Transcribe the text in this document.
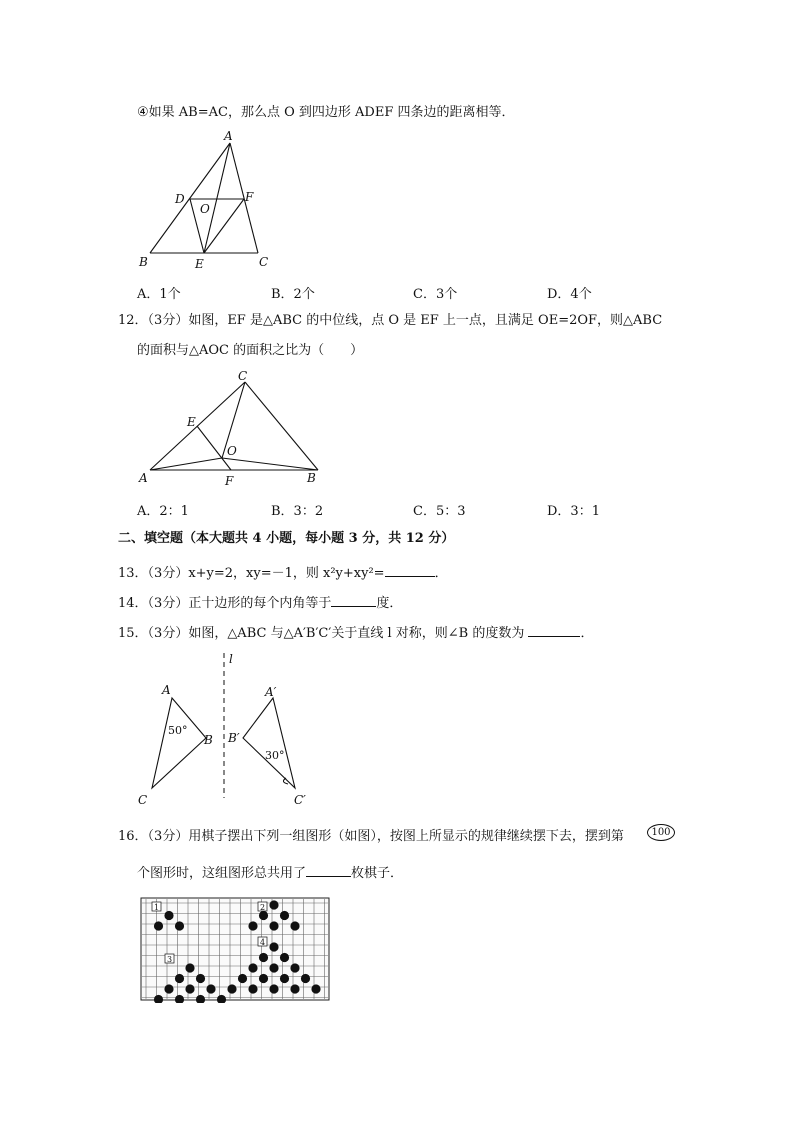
④如果 AB=AC，那么点 O 到四边形 ADEF 四条边的距离相等．
A
B	C
D
E
F
O
A．1个	B．2个	C．3个	D．4个
12．（3分）如图，EF 是△ABC 的中位线，点 O 是 EF 上一点，且满足 OE=2OF，则△ABC
的面积与△AOC 的面积之比为（　　）
C
E
O
A	F	B
A．2：1	B．3：2	C．5：3	D．3：1
二、填空题（本大题共 4 小题，每小题 3 分，共 12 分）
13．（3分）x+y=2，xy=－1，则 x²y+xy²=	．
14．（3分）正十边形的每个内角等于	度．
15．（3分）如图，△ABC 与△A′B′C′关于直线 l 对称，则∠B 的度数为	．
l
A
B
C
A′
B′
C′
50°
30°
16．（3分）用棋子摆出下列一组图形（如图），按图上所显示的规律继续摆下去，摆到第	100
个图形时，这组图形总共用了	枚棋子．
1	2
3
4
